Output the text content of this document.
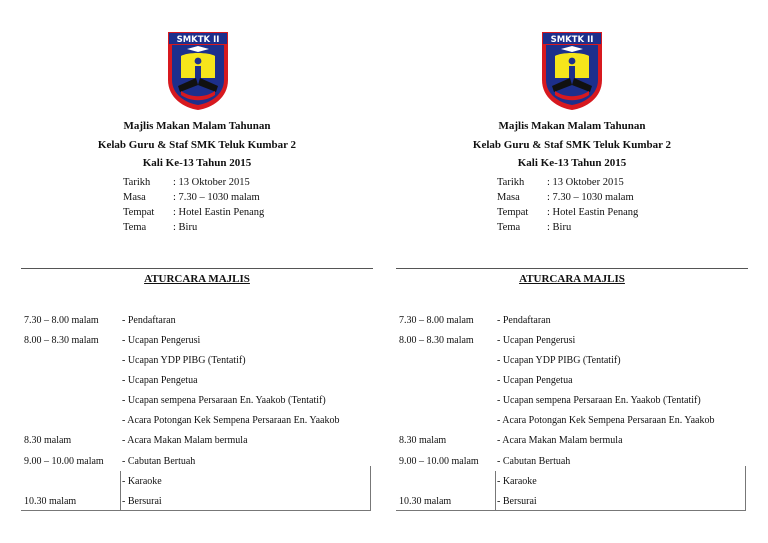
SMKTK II
Majlis Makan Malam Tahunan
Kelab Guru & Staf SMK Teluk Kumbar 2
Kali Ke-13 Tahun 2015
Tarikh : 13 Oktober 2015
Masa	: 7.30 – 1030 malam
Tempat : Hotel Eastin Penang
Tema	: Biru
ATURCARA MAJLIS
7.30 – 8.00 malam - Pendaftaran
8.00 – 8.30 malam - Ucapan Pengerusi
- Ucapan YDP PIBG (Tentatif)
- Ucapan Pengetua
- Ucapan sempena Persaraan En. Yaakob (Tentatif)
- Acara Potongan Kek Sempena Persaraan En. Yaakob
8.30 malam	- Acara Makan Malam bermula
9.00 – 10.00 malam - Cabutan Bertuah
- Karaoke
10.30 malam	- Bersurai
SMKTK II
Majlis Makan Malam Tahunan
Kelab Guru & Staf SMK Teluk Kumbar 2
Kali Ke-13 Tahun 2015
Tarikh : 13 Oktober 2015
Masa	: 7.30 – 1030 malam
Tempat : Hotel Eastin Penang
Tema	: Biru
ATURCARA MAJLIS
7.30 – 8.00 malam - Pendaftaran
8.00 – 8.30 malam - Ucapan Pengerusi
- Ucapan YDP PIBG (Tentatif)
- Ucapan Pengetua
- Ucapan sempena Persaraan En. Yaakob (Tentatif)
- Acara Potongan Kek Sempena Persaraan En. Yaakob
8.30 malam	- Acara Makan Malam bermula
9.00 – 10.00 malam - Cabutan Bertuah
- Karaoke
10.30 malam	- Bersurai
